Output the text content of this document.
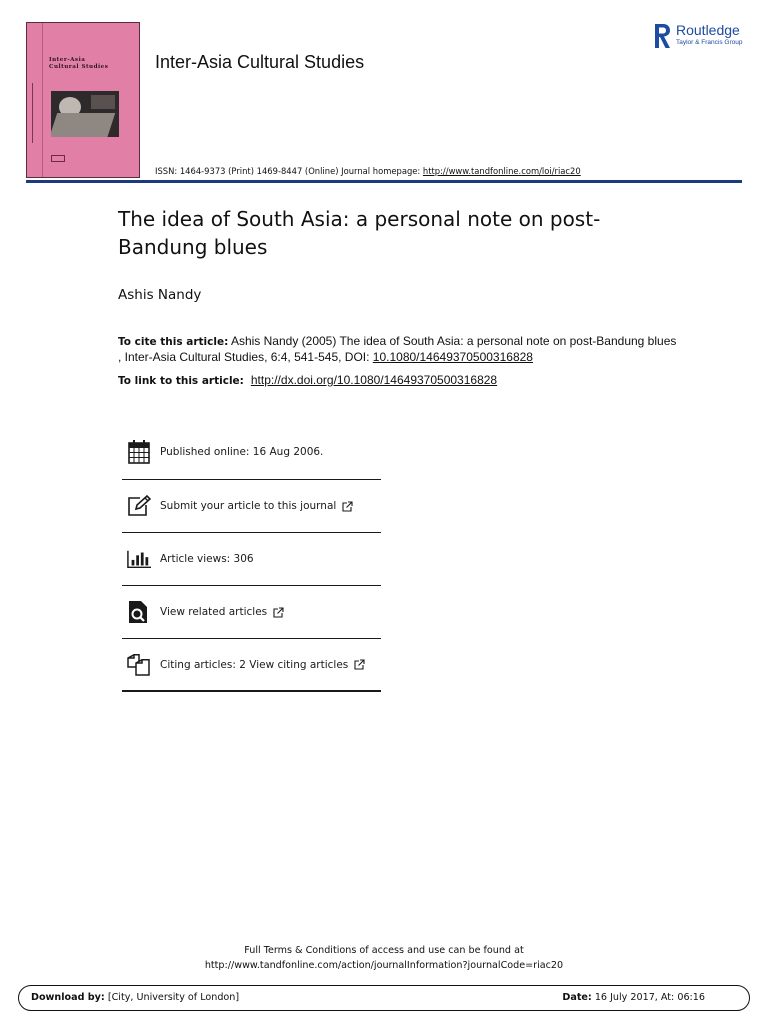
Inter-Asia
Cultural Studies	Inter-Asia Cultural Studies
ISSN: 1464-9373 (Print) 1469-8447 (Online) Journal homepage: http://www.tandfonline.com/loi/riac20
Routledge
Taylor & Francis Group
The idea of South Asia: a personal note on post-Bandung blues
Ashis Nandy
To cite this article: Ashis Nandy (2005) The idea of South Asia: a personal note on post-Bandung blues , Inter-Asia Cultural Studies, 6:4, 541-545, DOI: 10.1080/14649370500316828
To link to this article:  http://dx.doi.org/10.1080/14649370500316828
Published online: 16 Aug 2006.
Submit your article to this journal
Article views: 306
View related articles
Citing articles: 2 View citing articles
Full Terms & Conditions of access and use can be found at
http://www.tandfonline.com/action/journalInformation?journalCode=riac20
Download by: [City, University of London]	Date: 16 July 2017, At: 06:16
